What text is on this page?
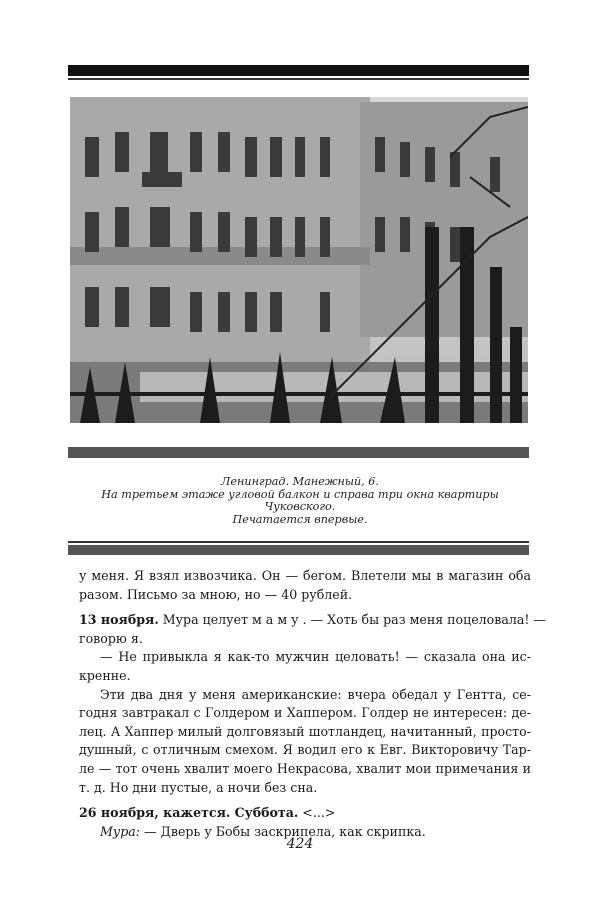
Ленинград. Манежный, 6.
На третьем этаже угловой балкон и справа три окна квартиры
Чуковского.
Печатается впервые.
у меня. Я взял извозчика. Он — бегом. Влетели мы в магазин оба
разом. Письмо за мною, но — 40 рублей.
13 ноября. Мура целует м а м у . — Хоть бы раз меня поцеловала! —
говорю я.
— Не привыкла я как-то мужчин целовать! — сказала она ис-
кренне.
Эти два дня у меня американские: вчера обедал у Гентта, се-
годня завтракал с Голдером и Хаппером. Голдер не интересен: де-
лец. А Хаппер милый долговязый шотландец, начитанный, просто-
душный, с отличным смехом. Я водил его к Евг. Викторовичу Тар-
ле — тот очень хвалит моего Некрасова, хвалит мои примечания и
т. д. Но дни пустые, а ночи без сна.
26 ноября, кажется. Суббота. <...>
Мура: — Дверь у Бобы заскрипела, как скрипка.
424
